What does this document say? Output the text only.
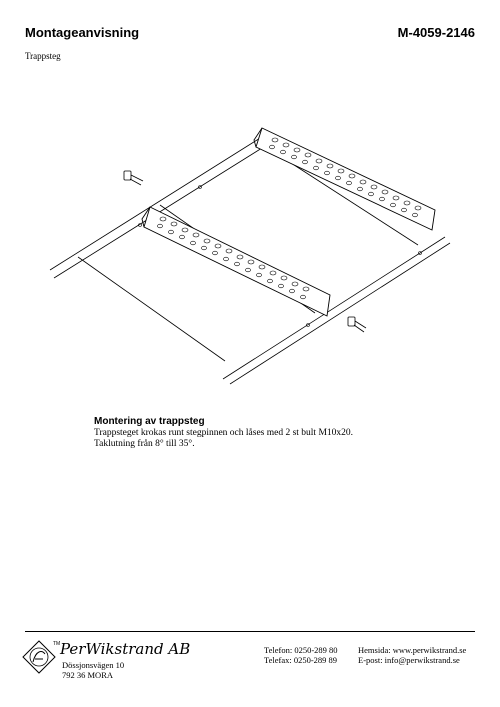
Montageanvisning	M-4059-2146
Trappsteg
Montering av trappsteg
Trappsteget krokas runt stegpinnen och låses med 2 st bult M10x20.
Taklutning från 8° till 35°.
TM PerWikstrand AB
Dössjonsvägen 10
792 36 MORA
Telefon: 0250-289 80
Telefax: 0250-289 89
Hemsida: www.perwikstrand.se
E-post: info@perwikstrand.se
